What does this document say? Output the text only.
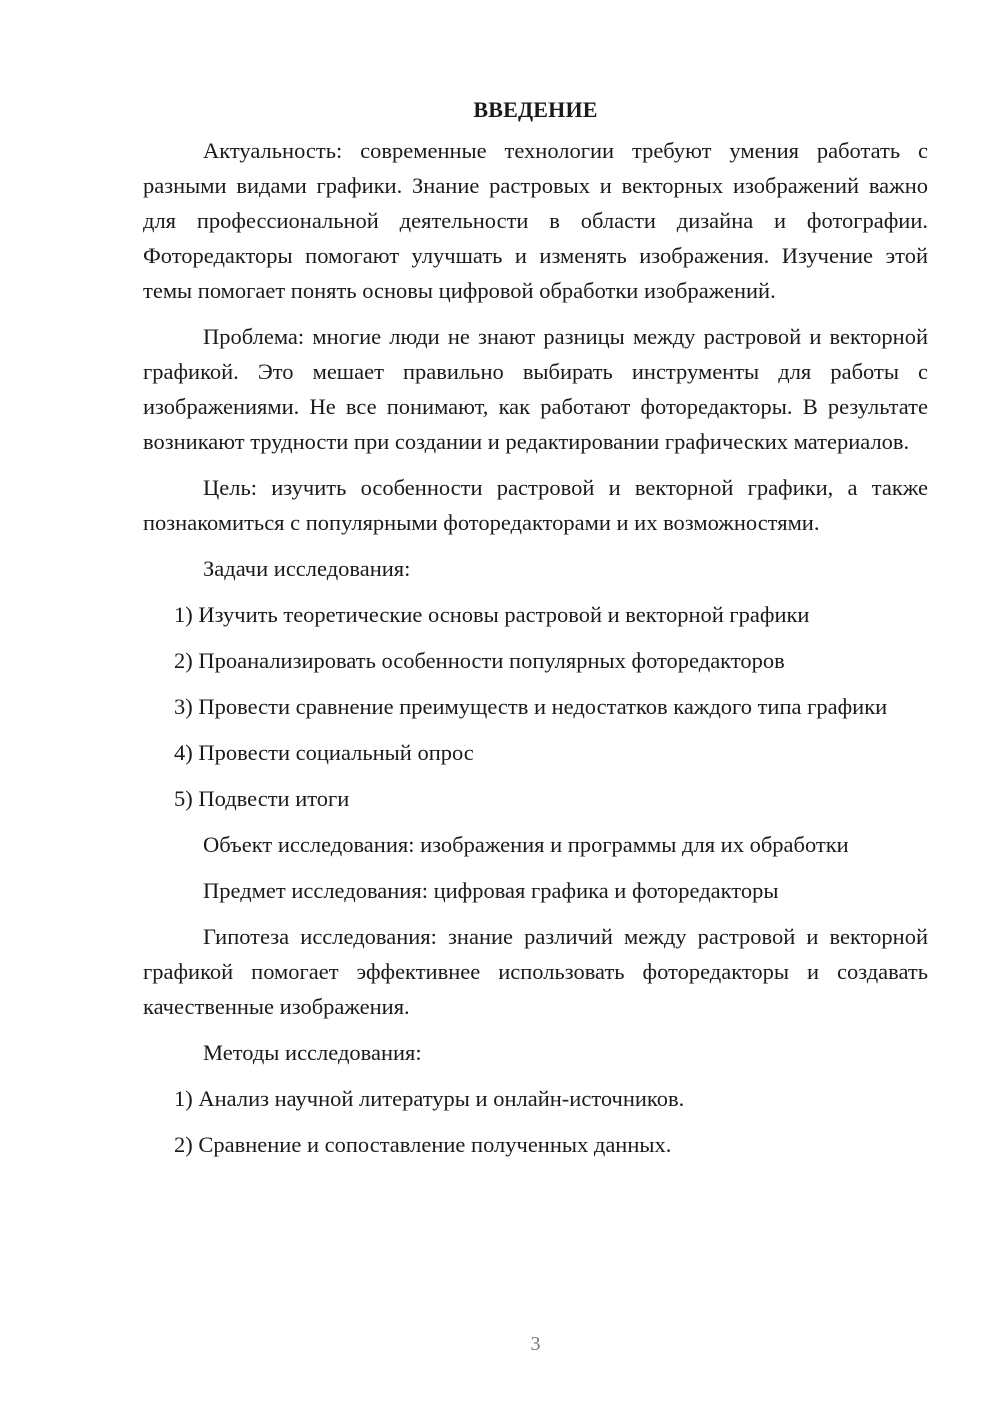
ВВЕДЕНИЕ

Актуальность: современные технологии требуют умения работать с разными видами графики. Знание растровых и векторных изображений важно для профессиональной деятельности в области дизайна и фотографии. Фоторедакторы помогают улучшать и изменять изображения. Изучение этой темы помогает понять основы цифровой обработки изображений.

Проблема: многие люди не знают разницы между растровой и векторной графикой. Это мешает правильно выбирать инструменты для работы с изображениями. Не все понимают, как работают фоторедакторы. В результате возникают трудности при создании и редактировании графических материалов.

Цель: изучить особенности растровой и векторной графики, а также познакомиться с популярными фоторедакторами и их возможностями.

Задачи исследования:

1) Изучить теоретические основы растровой и векторной графики

2) Проанализировать особенности популярных фоторедакторов

3) Провести сравнение преимуществ и недостатков каждого типа графики

4) Провести социальный опрос

5) Подвести итоги

Объект исследования: изображения и программы для их обработки

Предмет исследования: цифровая графика и фоторедакторы

Гипотеза исследования: знание различий между растровой и векторной графикой помогает эффективнее использовать фоторедакторы и создавать качественные изображения.

Методы исследования:

1) Анализ научной литературы и онлайн-источников.

2) Сравнение и сопоставление полученных данных.

3
